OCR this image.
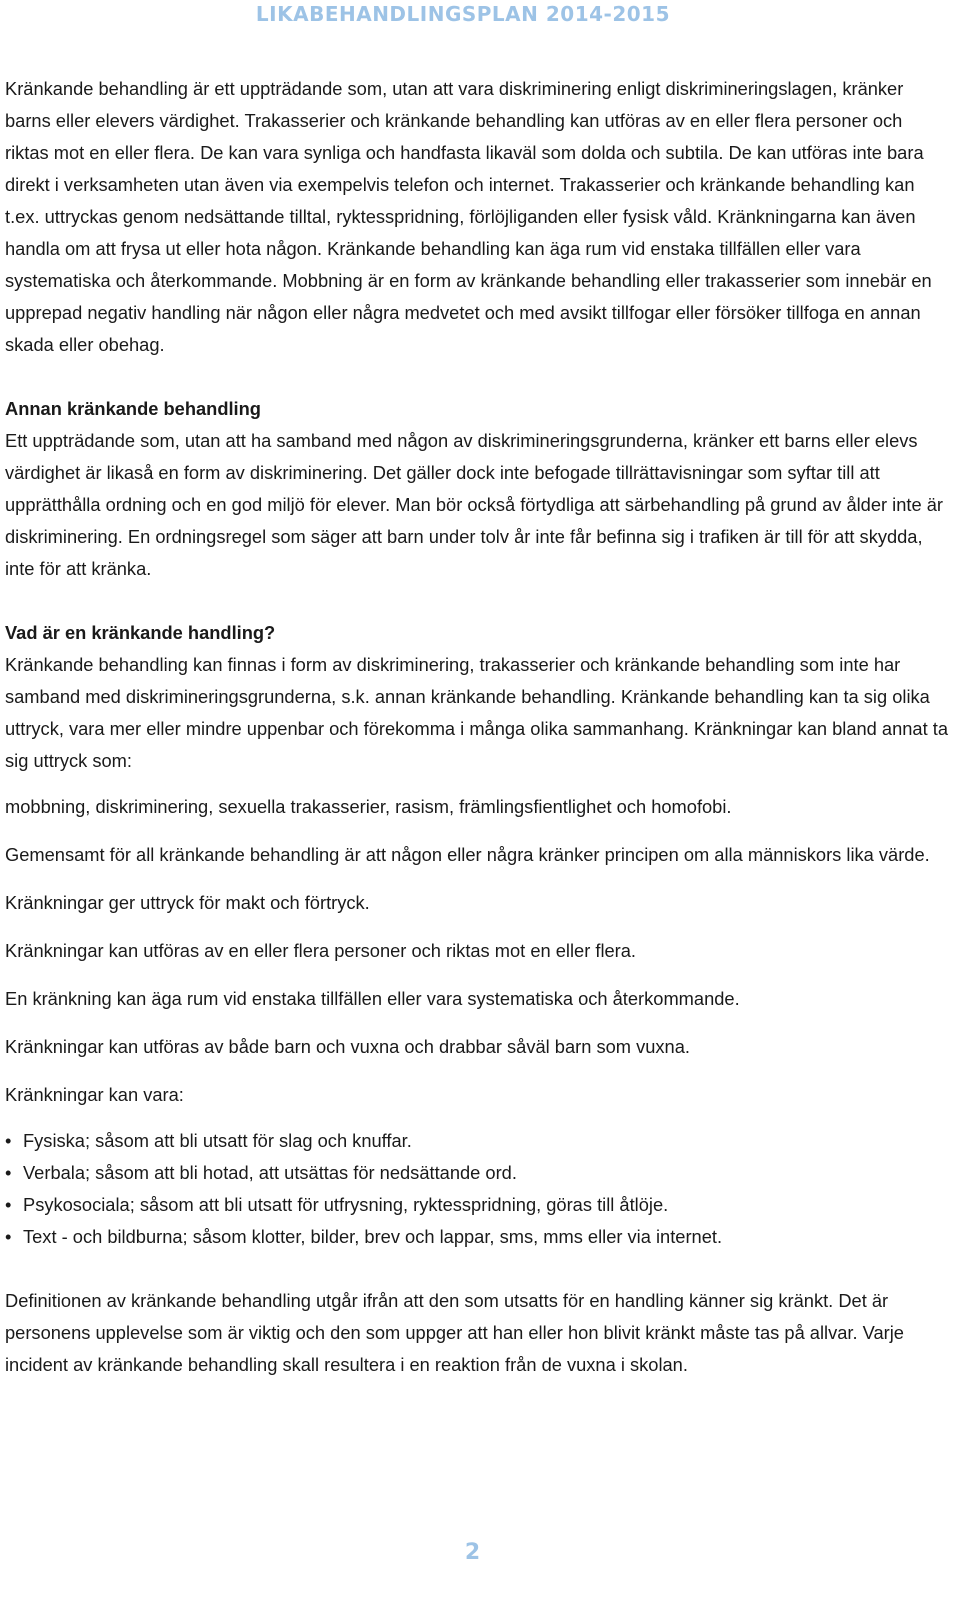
LIKABEHANDLINGSPLAN 2014-2015

Kränkande behandling är ett uppträdande som, utan att vara diskriminering enligt diskrimineringslagen, kränker barns eller elevers värdighet. Trakasserier och kränkande behandling kan utföras av en eller flera personer och riktas mot en eller flera. De kan vara synliga och handfasta likaväl som dolda och subtila. De kan utföras inte bara direkt i verksamheten utan även via exempelvis telefon och internet. Trakasserier och kränkande behandling kan t.ex. uttryckas genom nedsättande tilltal, ryktesspridning, förlöjliganden eller fysisk våld. Kränkningarna kan även handla om att frysa ut eller hota någon. Kränkande behandling kan äga rum vid enstaka tillfällen eller vara systematiska och återkommande. Mobbning är en form av kränkande behandling eller trakasserier som innebär en upprepad negativ handling när någon eller några medvetet och med avsikt tillfogar eller försöker tillfoga en annan skada eller obehag.

Annan kränkande behandling

Ett uppträdande som, utan att ha samband med någon av diskrimineringsgrunderna, kränker ett barns eller elevs värdighet är likaså en form av diskriminering. Det gäller dock inte befogade tillrättavisningar som syftar till att upprätthålla ordning och en god miljö för elever. Man bör också förtydliga att särbehandling på grund av ålder inte är diskriminering. En ordningsregel som säger att barn under tolv år inte får befinna sig i trafiken är till för att skydda, inte för att kränka.

Vad är en kränkande handling?

Kränkande behandling kan finnas i form av diskriminering, trakasserier och kränkande behandling som inte har samband med diskrimineringsgrunderna, s.k. annan kränkande behandling. Kränkande behandling kan ta sig olika uttryck, vara mer eller mindre uppenbar och förekomma i många olika sammanhang. Kränkningar kan bland annat ta sig uttryck som:

mobbning, diskriminering, sexuella trakasserier, rasism, främlingsfientlighet och homofobi.

Gemensamt för all kränkande behandling är att någon eller några kränker principen om alla människors lika värde.

Kränkningar ger uttryck för makt och förtryck.

Kränkningar kan utföras av en eller flera personer och riktas mot en eller flera.

En kränkning kan äga rum vid enstaka tillfällen eller vara systematiska och återkommande.

Kränkningar kan utföras av både barn och vuxna och drabbar såväl barn som vuxna.

Kränkningar kan vara:

• Fysiska; såsom att bli utsatt för slag och knuffar.
• Verbala; såsom att bli hotad, att utsättas för nedsättande ord.
• Psykosociala; såsom att bli utsatt för utfrysning, ryktesspridning, göras till åtlöje.
• Text - och bildburna; såsom klotter, bilder, brev och lappar, sms, mms eller via internet.

Definitionen av kränkande behandling utgår ifrån att den som utsatts för en handling känner sig kränkt. Det är personens upplevelse som är viktig och den som uppger att han eller hon blivit kränkt måste tas på allvar. Varje incident av kränkande behandling skall resultera i en reaktion från de vuxna i skolan.

2
